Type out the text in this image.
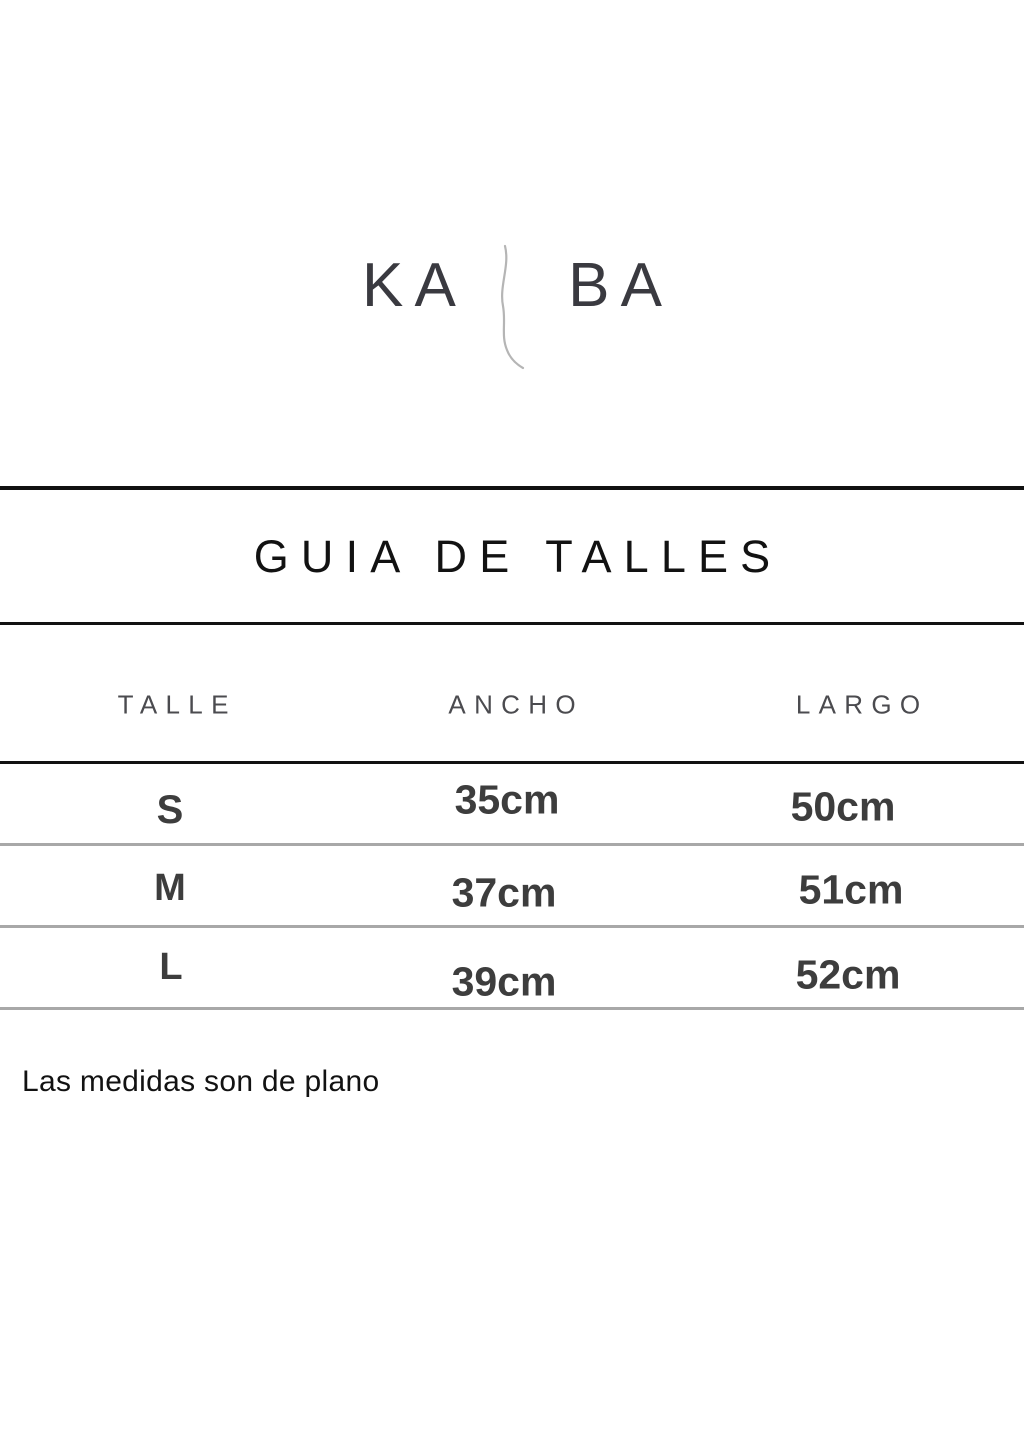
KA BA
GUIA DE TALLES
TALLE	ANCHO	LARGO
S	35cm	50cm
M	37cm	51cm
L	39cm	52cm
Las medidas son de plano
